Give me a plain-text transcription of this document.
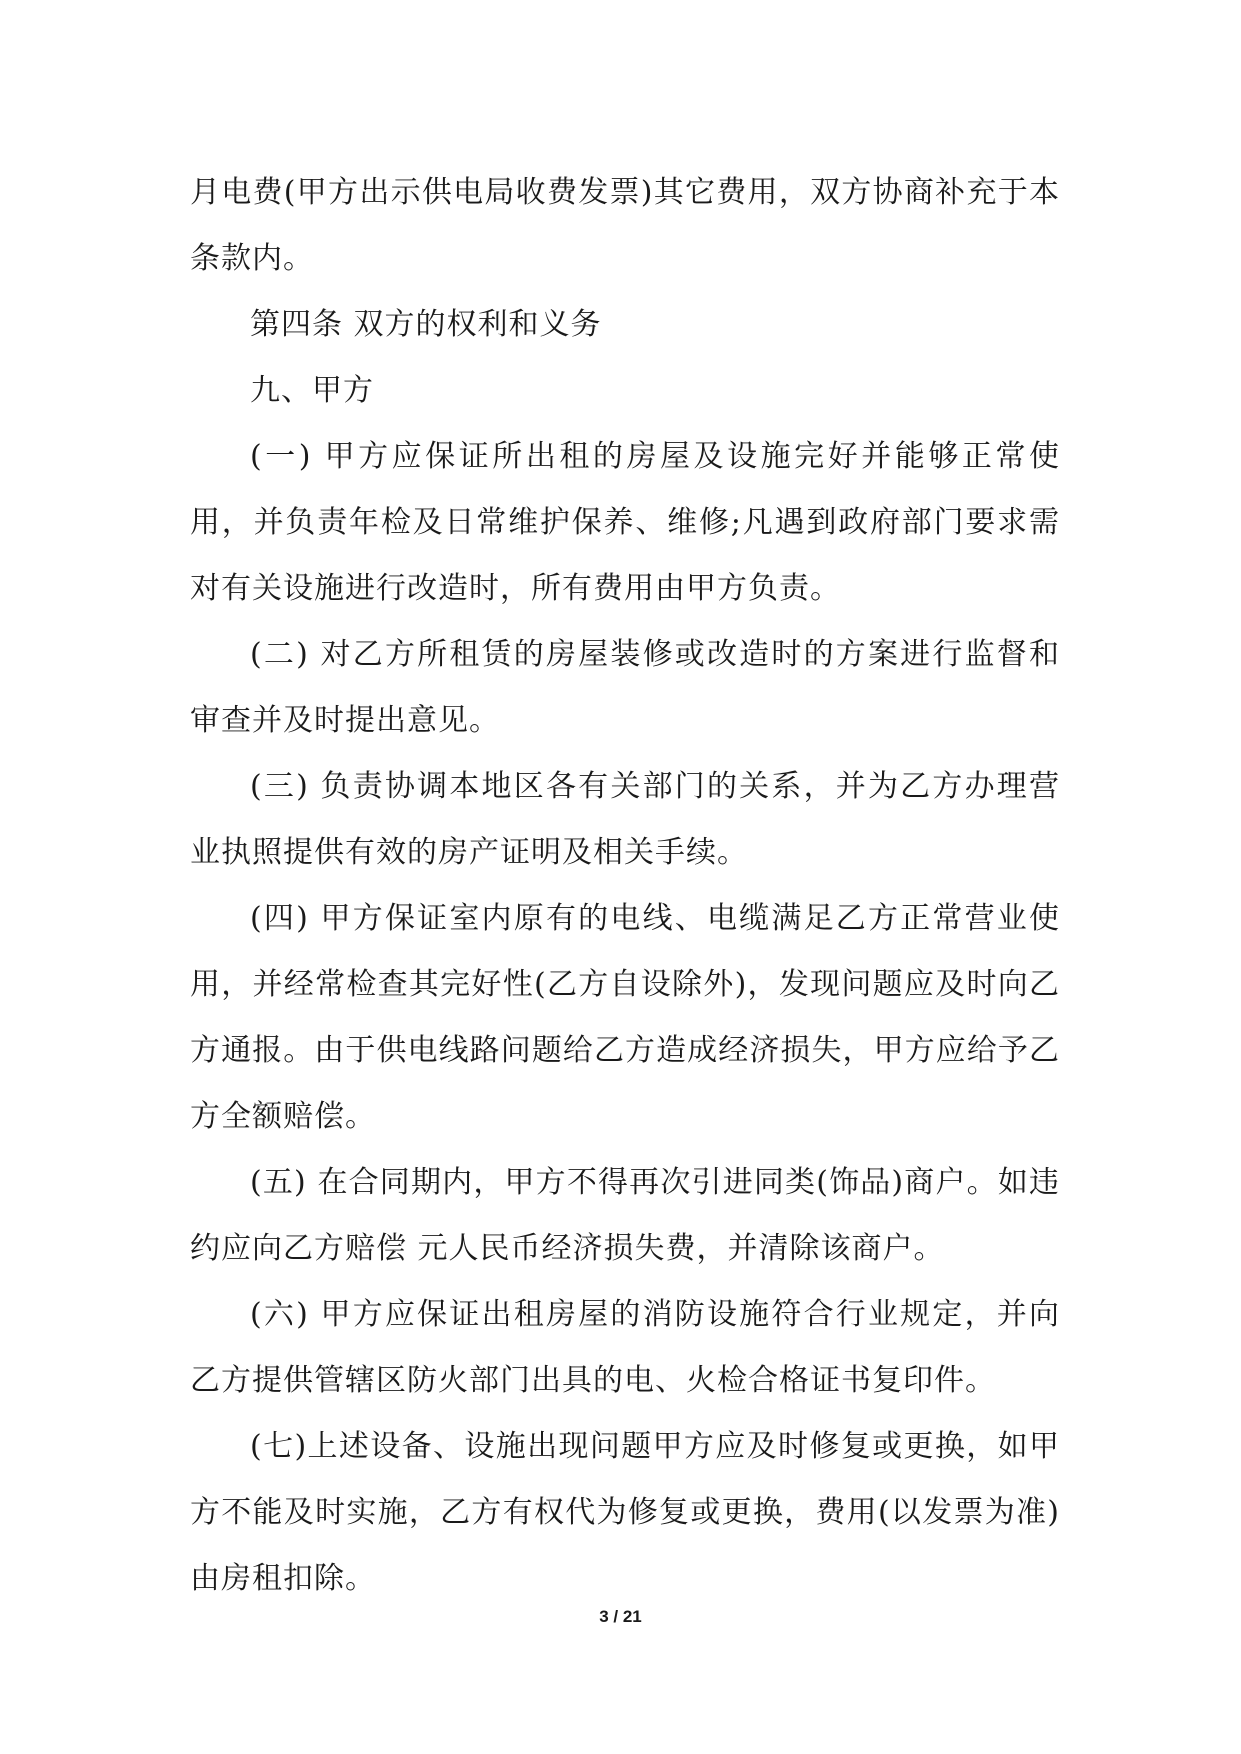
月电费(甲方出示供电局收费发票)其它费用，双方协商补充于本条款内。

第四条 双方的权利和义务

九、甲方

(一) 甲方应保证所出租的房屋及设施完好并能够正常使用，并负责年检及日常维护保养、维修;凡遇到政府部门要求需对有关设施进行改造时，所有费用由甲方负责。

(二) 对乙方所租赁的房屋装修或改造时的方案进行监督和审查并及时提出意见。

(三) 负责协调本地区各有关部门的关系，并为乙方办理营业执照提供有效的房产证明及相关手续。

(四) 甲方保证室内原有的电线、电缆满足乙方正常营业使用，并经常检查其完好性(乙方自设除外)，发现问题应及时向乙方通报。由于供电线路问题给乙方造成经济损失，甲方应给予乙方全额赔偿。

(五) 在合同期内，甲方不得再次引进同类(饰品)商户。如违约应向乙方赔偿 元人民币经济损失费，并清除该商户。

(六) 甲方应保证出租房屋的消防设施符合行业规定，并向乙方提供管辖区防火部门出具的电、火检合格证书复印件。

(七)上述设备、设施出现问题甲方应及时修复或更换，如甲方不能及时实施，乙方有权代为修复或更换，费用(以发票为准)由房租扣除。

3 / 21
